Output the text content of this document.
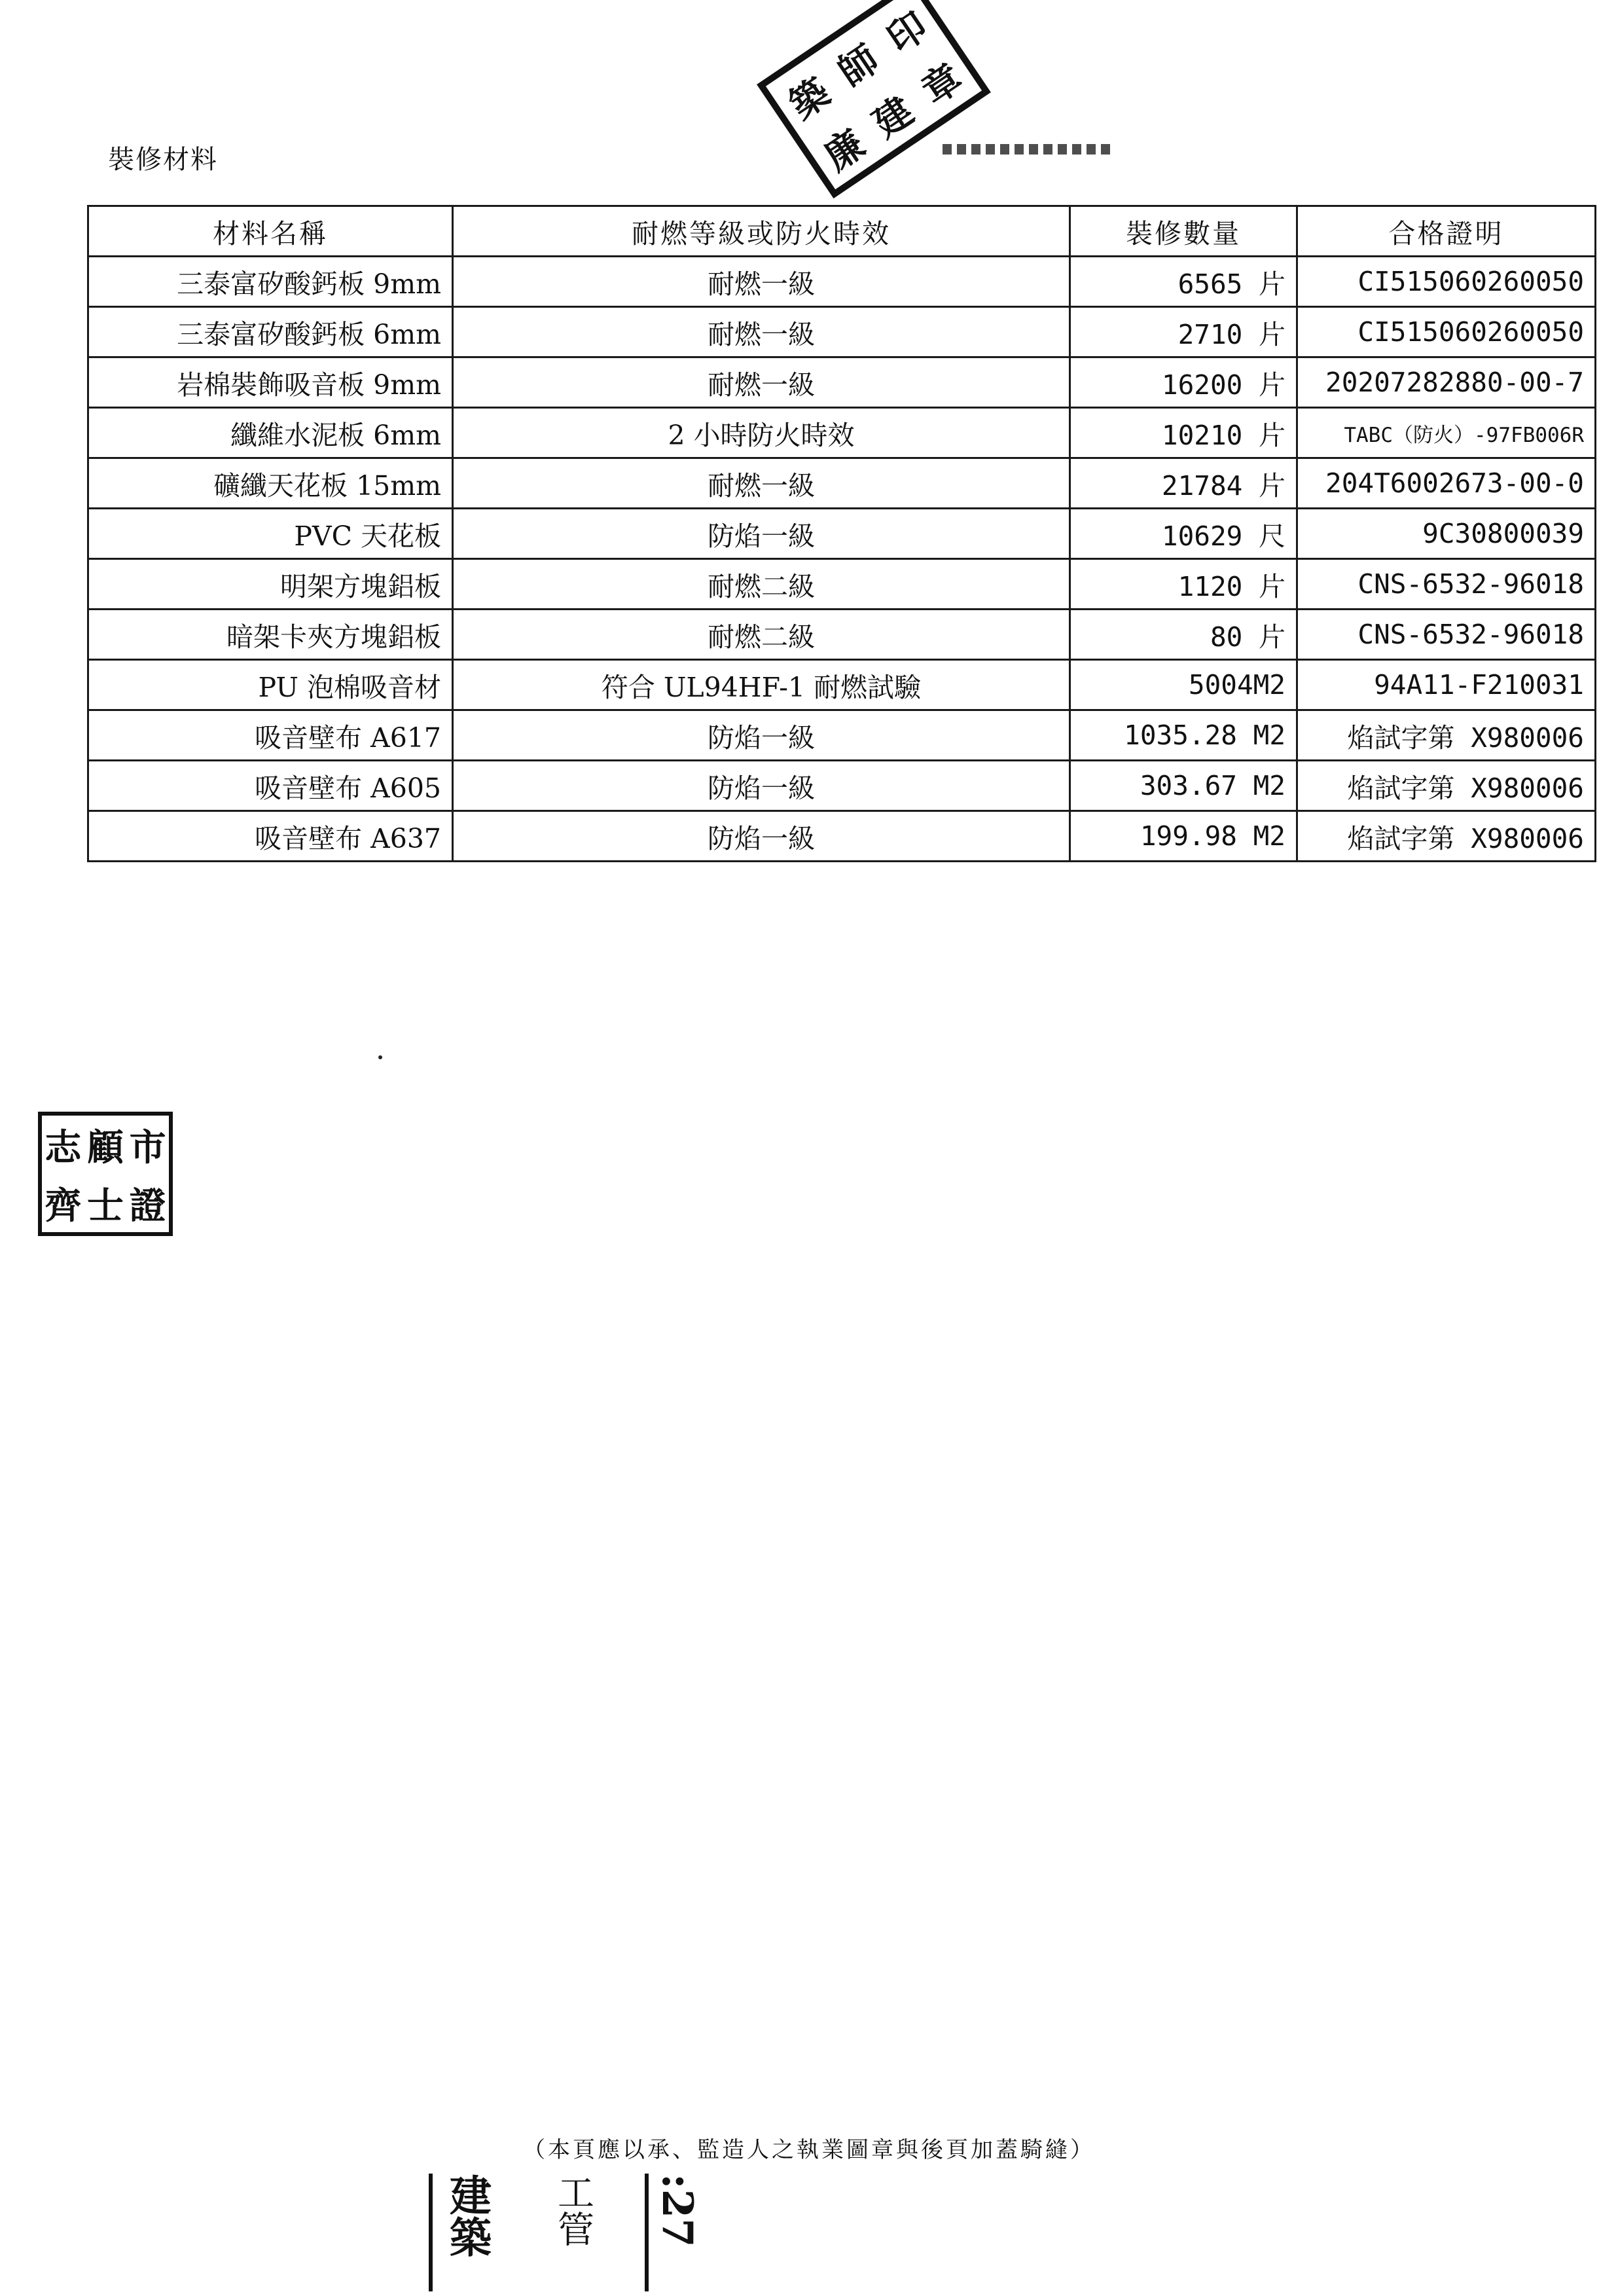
裝修材料
築
師
印
廉
建
章
材料名稱	耐燃等級或防火時效	裝修數量	合格證明
三泰富矽酸鈣板 9mm	耐燃一級	6565 片	CI515060260050
三泰富矽酸鈣板 6mm	耐燃一級	2710 片	CI515060260050
岩棉裝飾吸音板 9mm	耐燃一級	16200 片	20207282880-00-7
纖維水泥板 6mm	2 小時防火時效	10210 片	TABC（防火）-97FB006R
礦纖天花板 15mm	耐燃一級	21784 片	204T6002673-00-0
PVC 天花板	防焰一級	10629 尺	9C30800039
明架方塊鋁板	耐燃二級	1120 片	CNS-6532-96018
暗架卡夾方塊鋁板	耐燃二級	80 片	CNS-6532-96018
PU 泡棉吸音材	符合 UL94HF-1 耐燃試驗	5004M2	94A11-F210031
吸音壁布 A617	防焰一級	1035.28 M2	焰試字第 X980006
吸音壁布 A605	防焰一級	303.67 M2	焰試字第 X980006
吸音壁布 A637	防焰一級	199.98 M2	焰試字第 X980006
志 顧 市
齊 士 證
（本頁應以承、監造人之執業圖章與後頁加蓋騎縫）
建築 工管 :27
